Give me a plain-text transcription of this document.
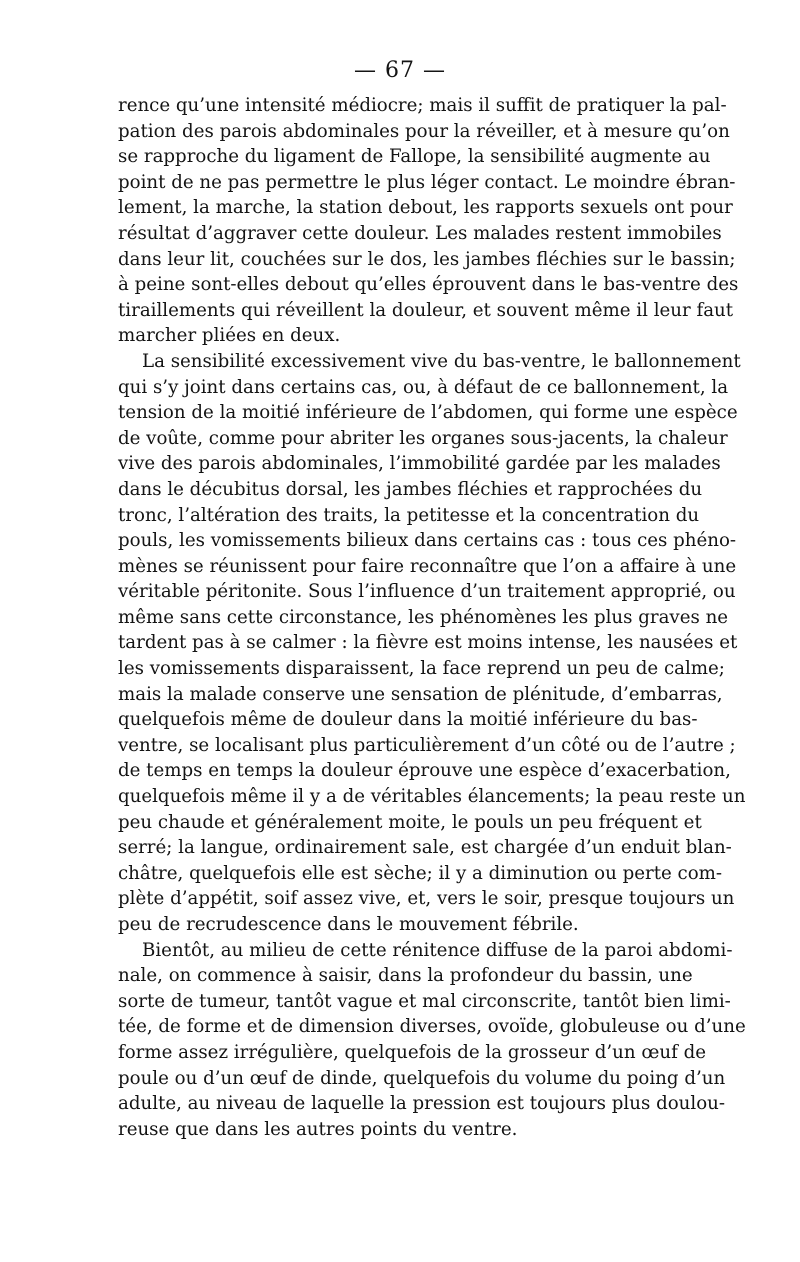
— 67 —
rence qu’une intensité médiocre; mais il suffit de pratiquer la pal-
pation des parois abdominales pour la réveiller, et à mesure qu’on
se rapproche du ligament de Fallope, la sensibilité augmente au
point de ne pas permettre le plus léger contact. Le moindre ébran-
lement, la marche, la station debout, les rapports sexuels ont pour
résultat d’aggraver cette douleur. Les malades restent immobiles
dans leur lit, couchées sur le dos, les jambes fléchies sur le bassin;
à peine sont-elles debout qu’elles éprouvent dans le bas-ventre des
tiraillements qui réveillent la douleur, et souvent même il leur faut
marcher pliées en deux.
La sensibilité excessivement vive du bas-ventre, le ballonnement
qui s’y joint dans certains cas, ou, à défaut de ce ballonnement, la
tension de la moitié inférieure de l’abdomen, qui forme une espèce
de voûte, comme pour abriter les organes sous-jacents, la chaleur
vive des parois abdominales, l’immobilité gardée par les malades
dans le décubitus dorsal, les jambes fléchies et rapprochées du
tronc, l’altération des traits, la petitesse et la concentration du
pouls, les vomissements bilieux dans certains cas : tous ces phéno-
mènes se réunissent pour faire reconnaître que l’on a affaire à une
véritable péritonite. Sous l’influence d’un traitement approprié, ou
même sans cette circonstance, les phénomènes les plus graves ne
tardent pas à se calmer : la fièvre est moins intense, les nausées et
les vomissements disparaissent, la face reprend un peu de calme;
mais la malade conserve une sensation de plénitude, d’embarras,
quelquefois même de douleur dans la moitié inférieure du bas-
ventre, se localisant plus particulièrement d’un côté ou de l’autre ;
de temps en temps la douleur éprouve une espèce d’exacerbation,
quelquefois même il y a de véritables élancements; la peau reste un
peu chaude et généralement moite, le pouls un peu fréquent et
serré; la langue, ordinairement sale, est chargée d’un enduit blan-
châtre, quelquefois elle est sèche; il y a diminution ou perte com-
plète d’appétit, soif assez vive, et, vers le soir, presque toujours un
peu de recrudescence dans le mouvement fébrile.
Bientôt, au milieu de cette rénitence diffuse de la paroi abdomi-
nale, on commence à saisir, dans la profondeur du bassin, une
sorte de tumeur, tantôt vague et mal circonscrite, tantôt bien limi-
tée, de forme et de dimension diverses, ovoïde, globuleuse ou d’une
forme assez irrégulière, quelquefois de la grosseur d’un œuf de
poule ou d’un œuf de dinde, quelquefois du volume du poing d’un
adulte, au niveau de laquelle la pression est toujours plus doulou-
reuse que dans les autres points du ventre.
